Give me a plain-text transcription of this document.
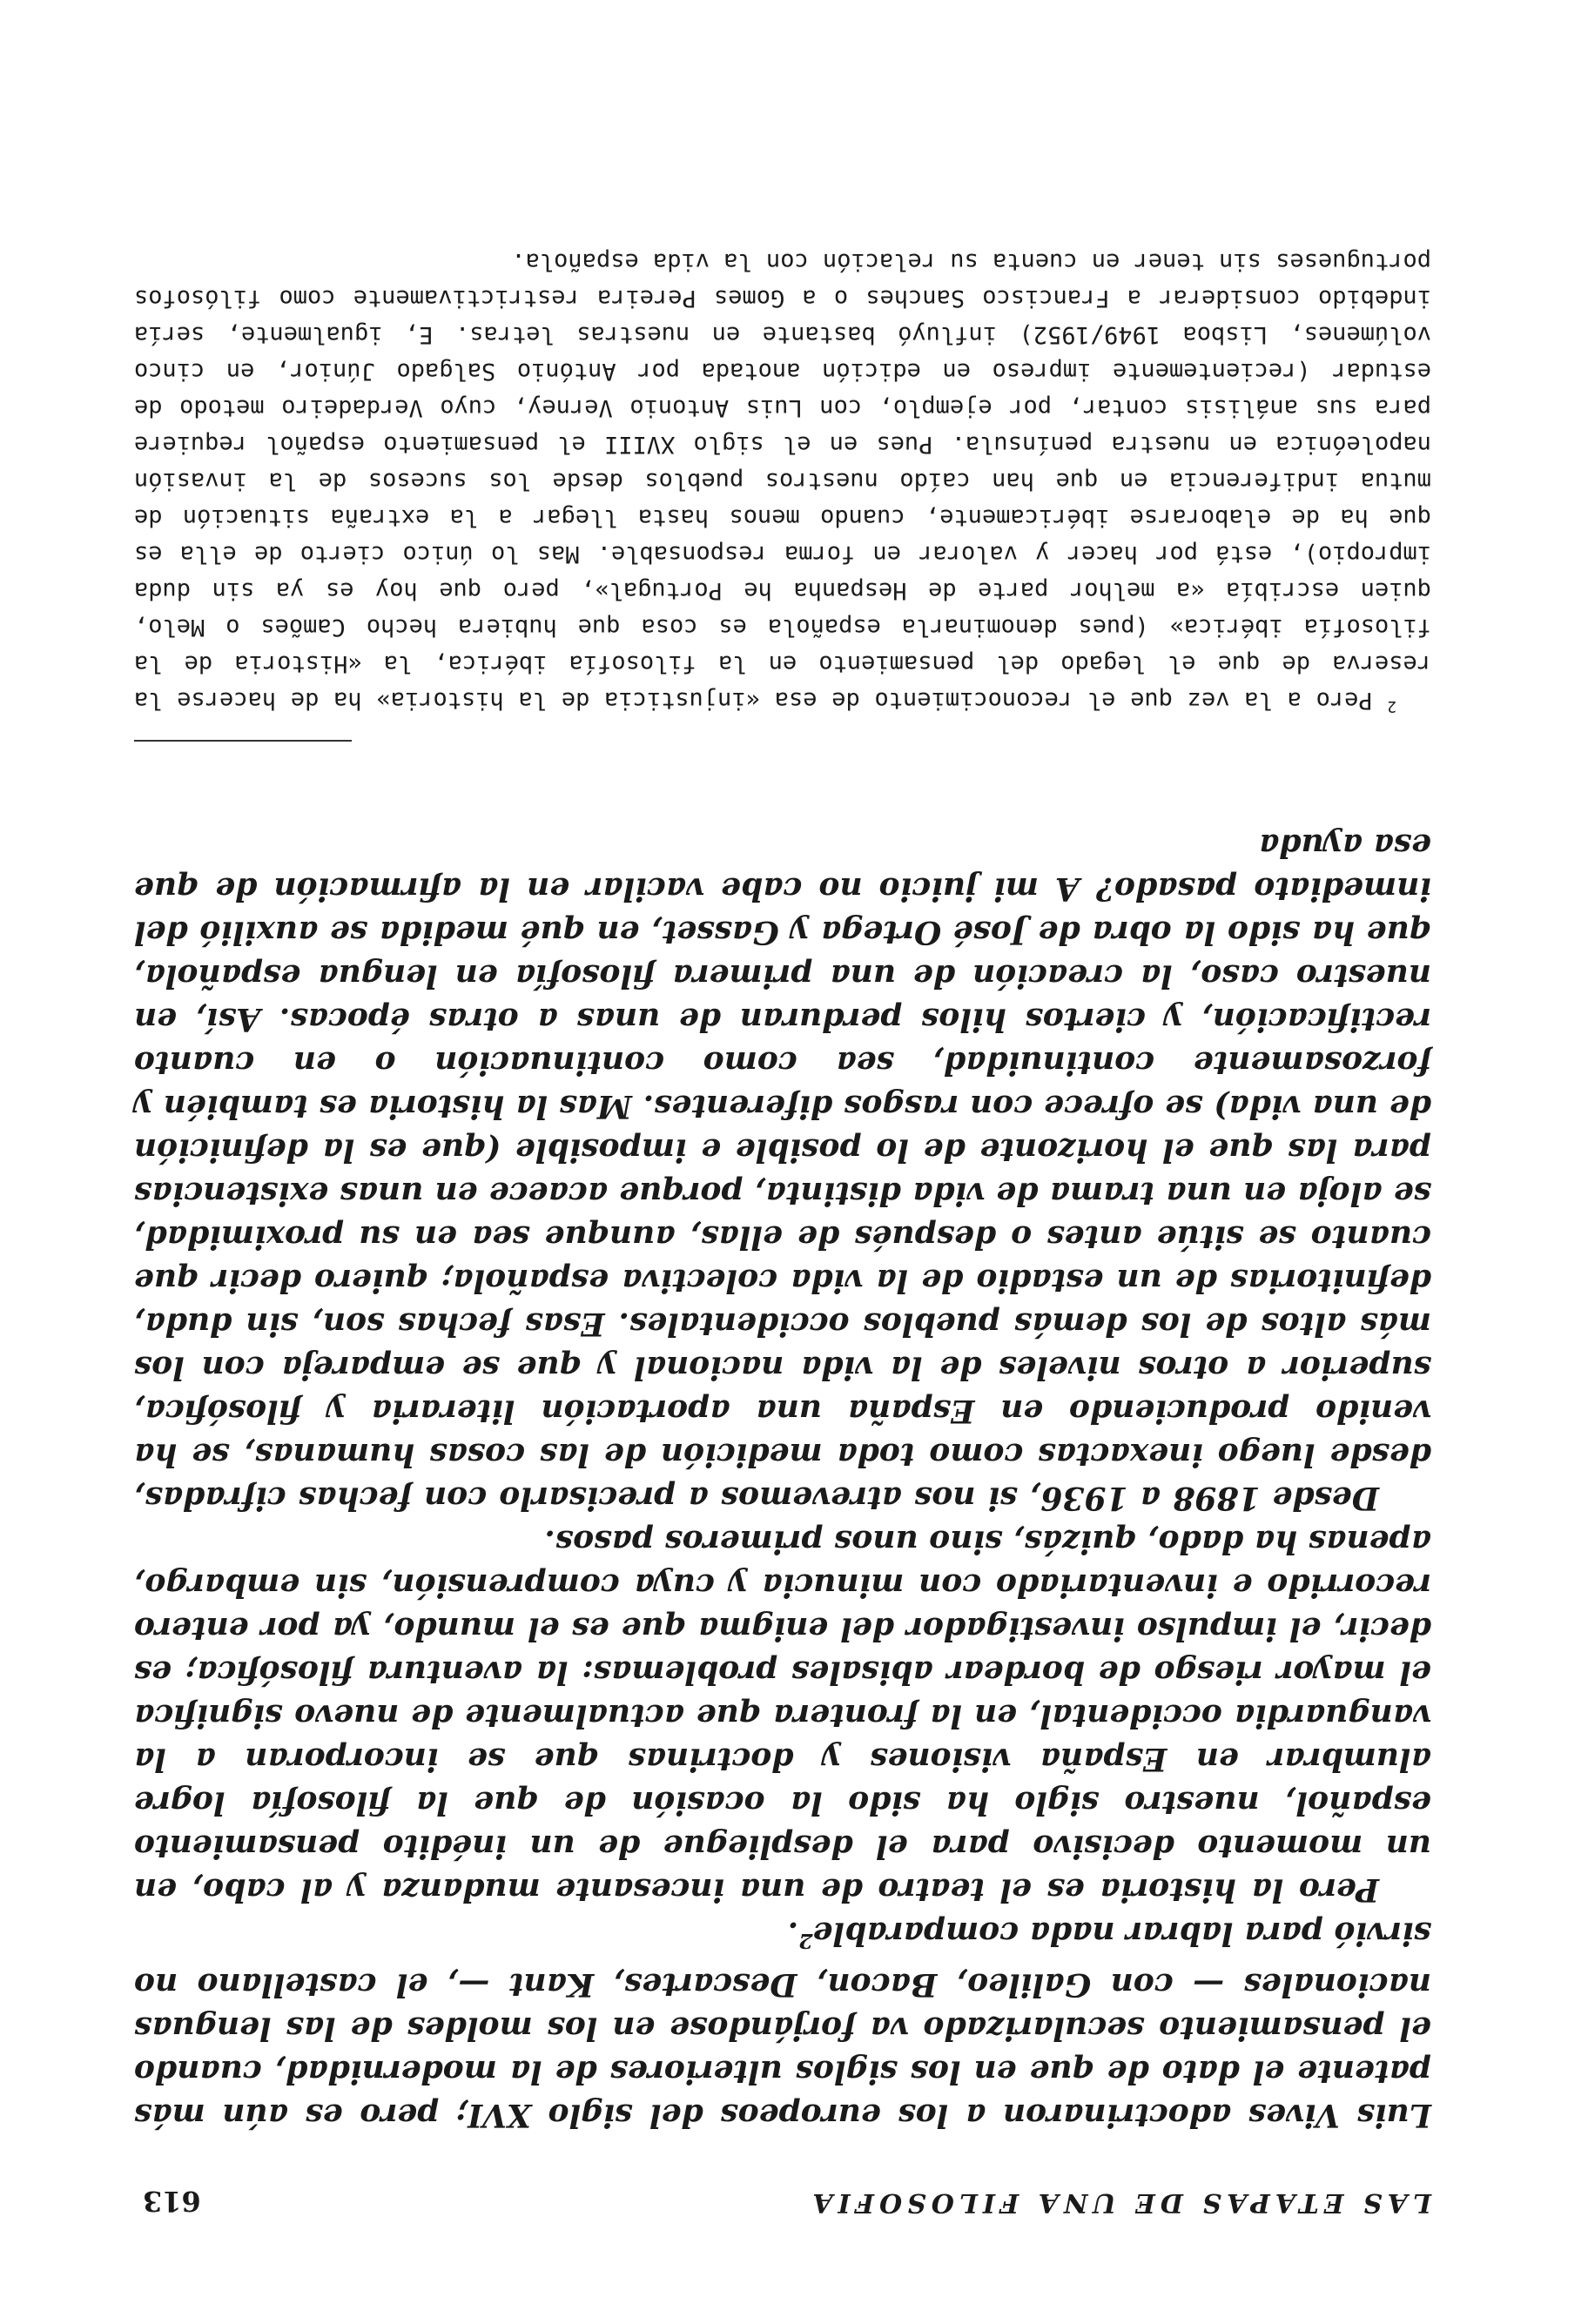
LAS ETAPAS DE UNA FILOSOFIA
613

Luis Vives adoctrinaron a los europeos del siglo XVI; pero es aún más patente el dato de que en los siglos ulteriores de la modernidad, cuando el pensamiento secularizado va forjándose en los moldes de las lenguas nacionales — con Galileo, Bacon, Descartes, Kant —, el castellano no sirvió para labrar nada comparable$^2$.

Pero la historia es el teatro de una incesante mudanza y al cabo, en un momento decisivo para el despliegue de un inédito pensamiento español, nuestro siglo ha sido la ocasión de que la filosofía logre alumbrar en España visiones y doctrinas que se incorporan a la vanguardia occidental, en la frontera que actualmente de nuevo significa el mayor riesgo de bordear abisales problemas: la aventura filosófica; es decir, el impulso investigador del enigma que es el mundo, ya por entero recorrido e inventariado con minucia y cuya comprensión, sin embargo, apenas ha dado, quizás, sino unos primeros pasos.

Desde 1898 a 1936, si nos atrevemos a precisarlo con fechas cifradas, desde luego inexactas como toda medición de las cosas humanas, se ha venido produciendo en España una aportación literaria y filosófica, superior a otros niveles de la vida nacional y que se empareja con los más altos de los demás pueblos occidentales. Esas fechas son, sin duda, definitorias de un estadio de la vida colectiva española; quiero decir que cuanto se sitúe antes o después de ellas, aunque sea en su proximidad, se aloja en una trama de vida distinta, porque acaece en unas existencias para las que el horizonte de lo posible e imposible (que es la definición de una vida) se ofrece con rasgos diferentes. Mas la historia es también y forzosamente continuidad, sea como continuación o en cuanto rectificación, y ciertos hilos perduran de unas a otras épocas. Así, en nuestro caso, la creación de una primera filosofía en lengua española, que ha sido la obra de José Ortega y Gasset, en qué medida se auxilió del inmediato pasado? A mi juicio no cabe vacilar en la afirmación de que esa ayuda

$^2$ Pero a la vez que el reconocimiento de esa «injusticia de la historia» ha de hacerse la reserva de que el legado del pensamiento en la filosofía ibérica, la «Historia de la filosofía ibérica» (pues denominarla española es cosa que hubiera hecho Camões o Melo, quien escribía «a melhor parte de Hespanha he Portugal», pero que hoy es ya sin duda impropio), está por hacer y valorar en forma responsable. Mas lo único cierto de ella es que ha de elaborarse ibéricamente, cuando menos hasta llegar a la extraña situación de mutua indiferencia en que han caído nuestros pueblos desde los sucesos de la invasión napoleónica en nuestra península. Pues en el siglo XVIII el pensamiento español requiere para sus análisis contar, por ejemplo, con Luis Antonio Verney, cuyo Verdadeiro metodo de estudar (recientemente impreso en edición anotada por António Salgado Júnior, en cinco volúmenes, Lisboa 1949/1952) influyó bastante en nuestras letras. E, igualmente, sería indebido considerar a Francisco Sanches o a Gomes Pereira restrictivamente como filósofos portugueses sin tener en cuenta su relación con la vida española.
